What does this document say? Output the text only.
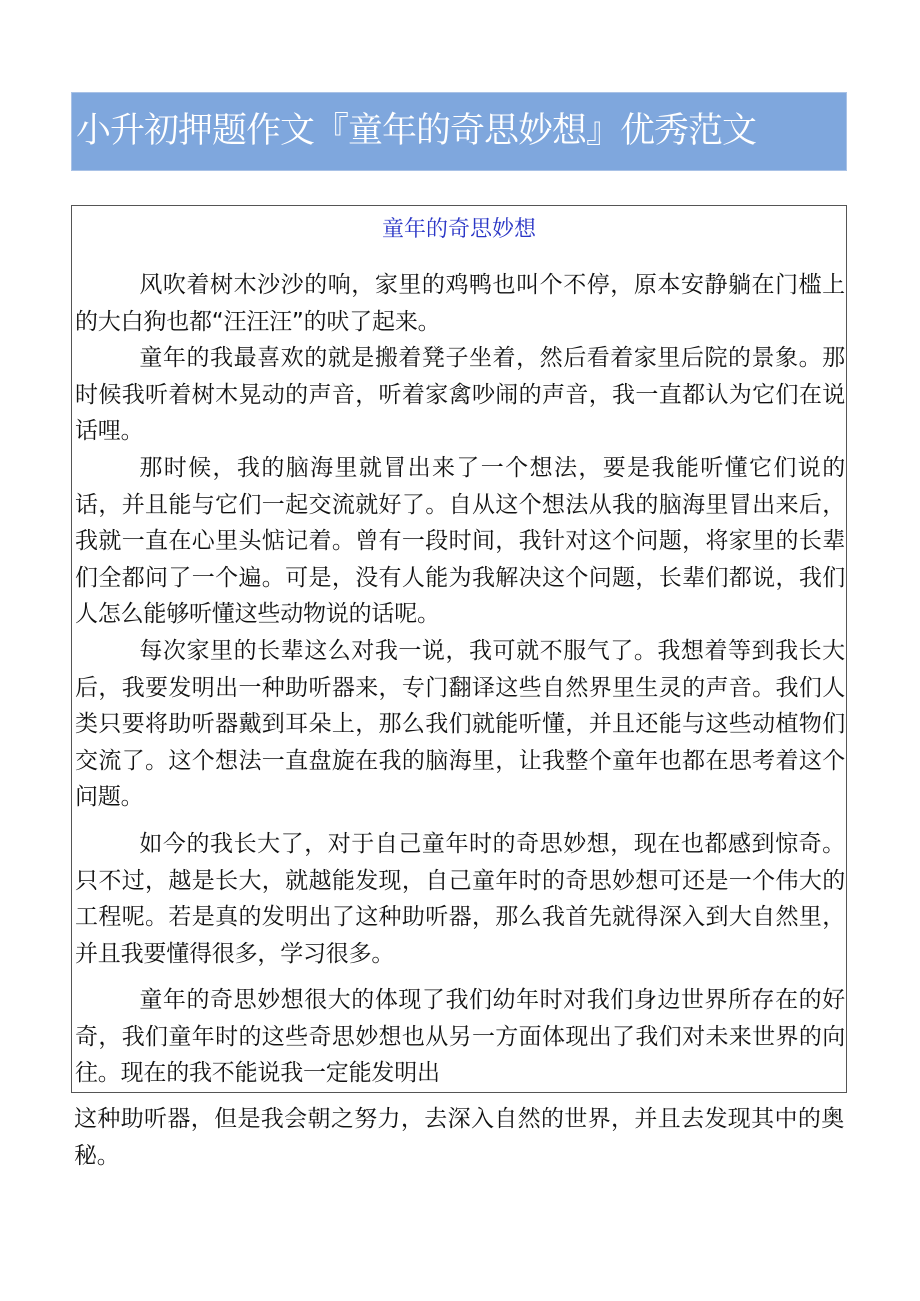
小升初押题作文『童年的奇思妙想』优秀范文
童年的奇思妙想

风吹着树木沙沙的响，家里的鸡鸭也叫个不停，原本安静躺在门槛上的大白狗也都“汪汪汪”的吠了起来。

童年的我最喜欢的就是搬着凳子坐着，然后看着家里后院的景象。那时候我听着树木晃动的声音，听着家禽吵闹的声音，我一直都认为它们在说话哩。

那时候，我的脑海里就冒出来了一个想法，要是我能听懂它们说的话，并且能与它们一起交流就好了。自从这个想法从我的脑海里冒出来后，我就一直在心里头惦记着。曾有一段时间，我针对这个问题，将家里的长辈们全都问了一个遍。可是，没有人能为我解决这个问题，长辈们都说，我们人怎么能够听懂这些动物说的话呢。

每次家里的长辈这么对我一说，我可就不服气了。我想着等到我长大后，我要发明出一种助听器来，专门翻译这些自然界里生灵的声音。我们人类只要将助听器戴到耳朵上，那么我们就能听懂，并且还能与这些动植物们交流了。这个想法一直盘旋在我的脑海里，让我整个童年也都在思考着这个问题。

如今的我长大了，对于自己童年时的奇思妙想，现在也都感到惊奇。只不过，越是长大，就越能发现，自己童年时的奇思妙想可还是一个伟大的工程呢。若是真的发明出了这种助听器，那么我首先就得深入到大自然里，并且我要懂得很多，学习很多。

童年的奇思妙想很大的体现了我们幼年时对我们身边世界所存在的好奇，我们童年时的这些奇思妙想也从另一方面体现出了我们对未来世界的向往。现在的我不能说我一定能发明出

这种助听器，但是我会朝之努力，去深入自然的世界，并且去发现其中的奥秘。
